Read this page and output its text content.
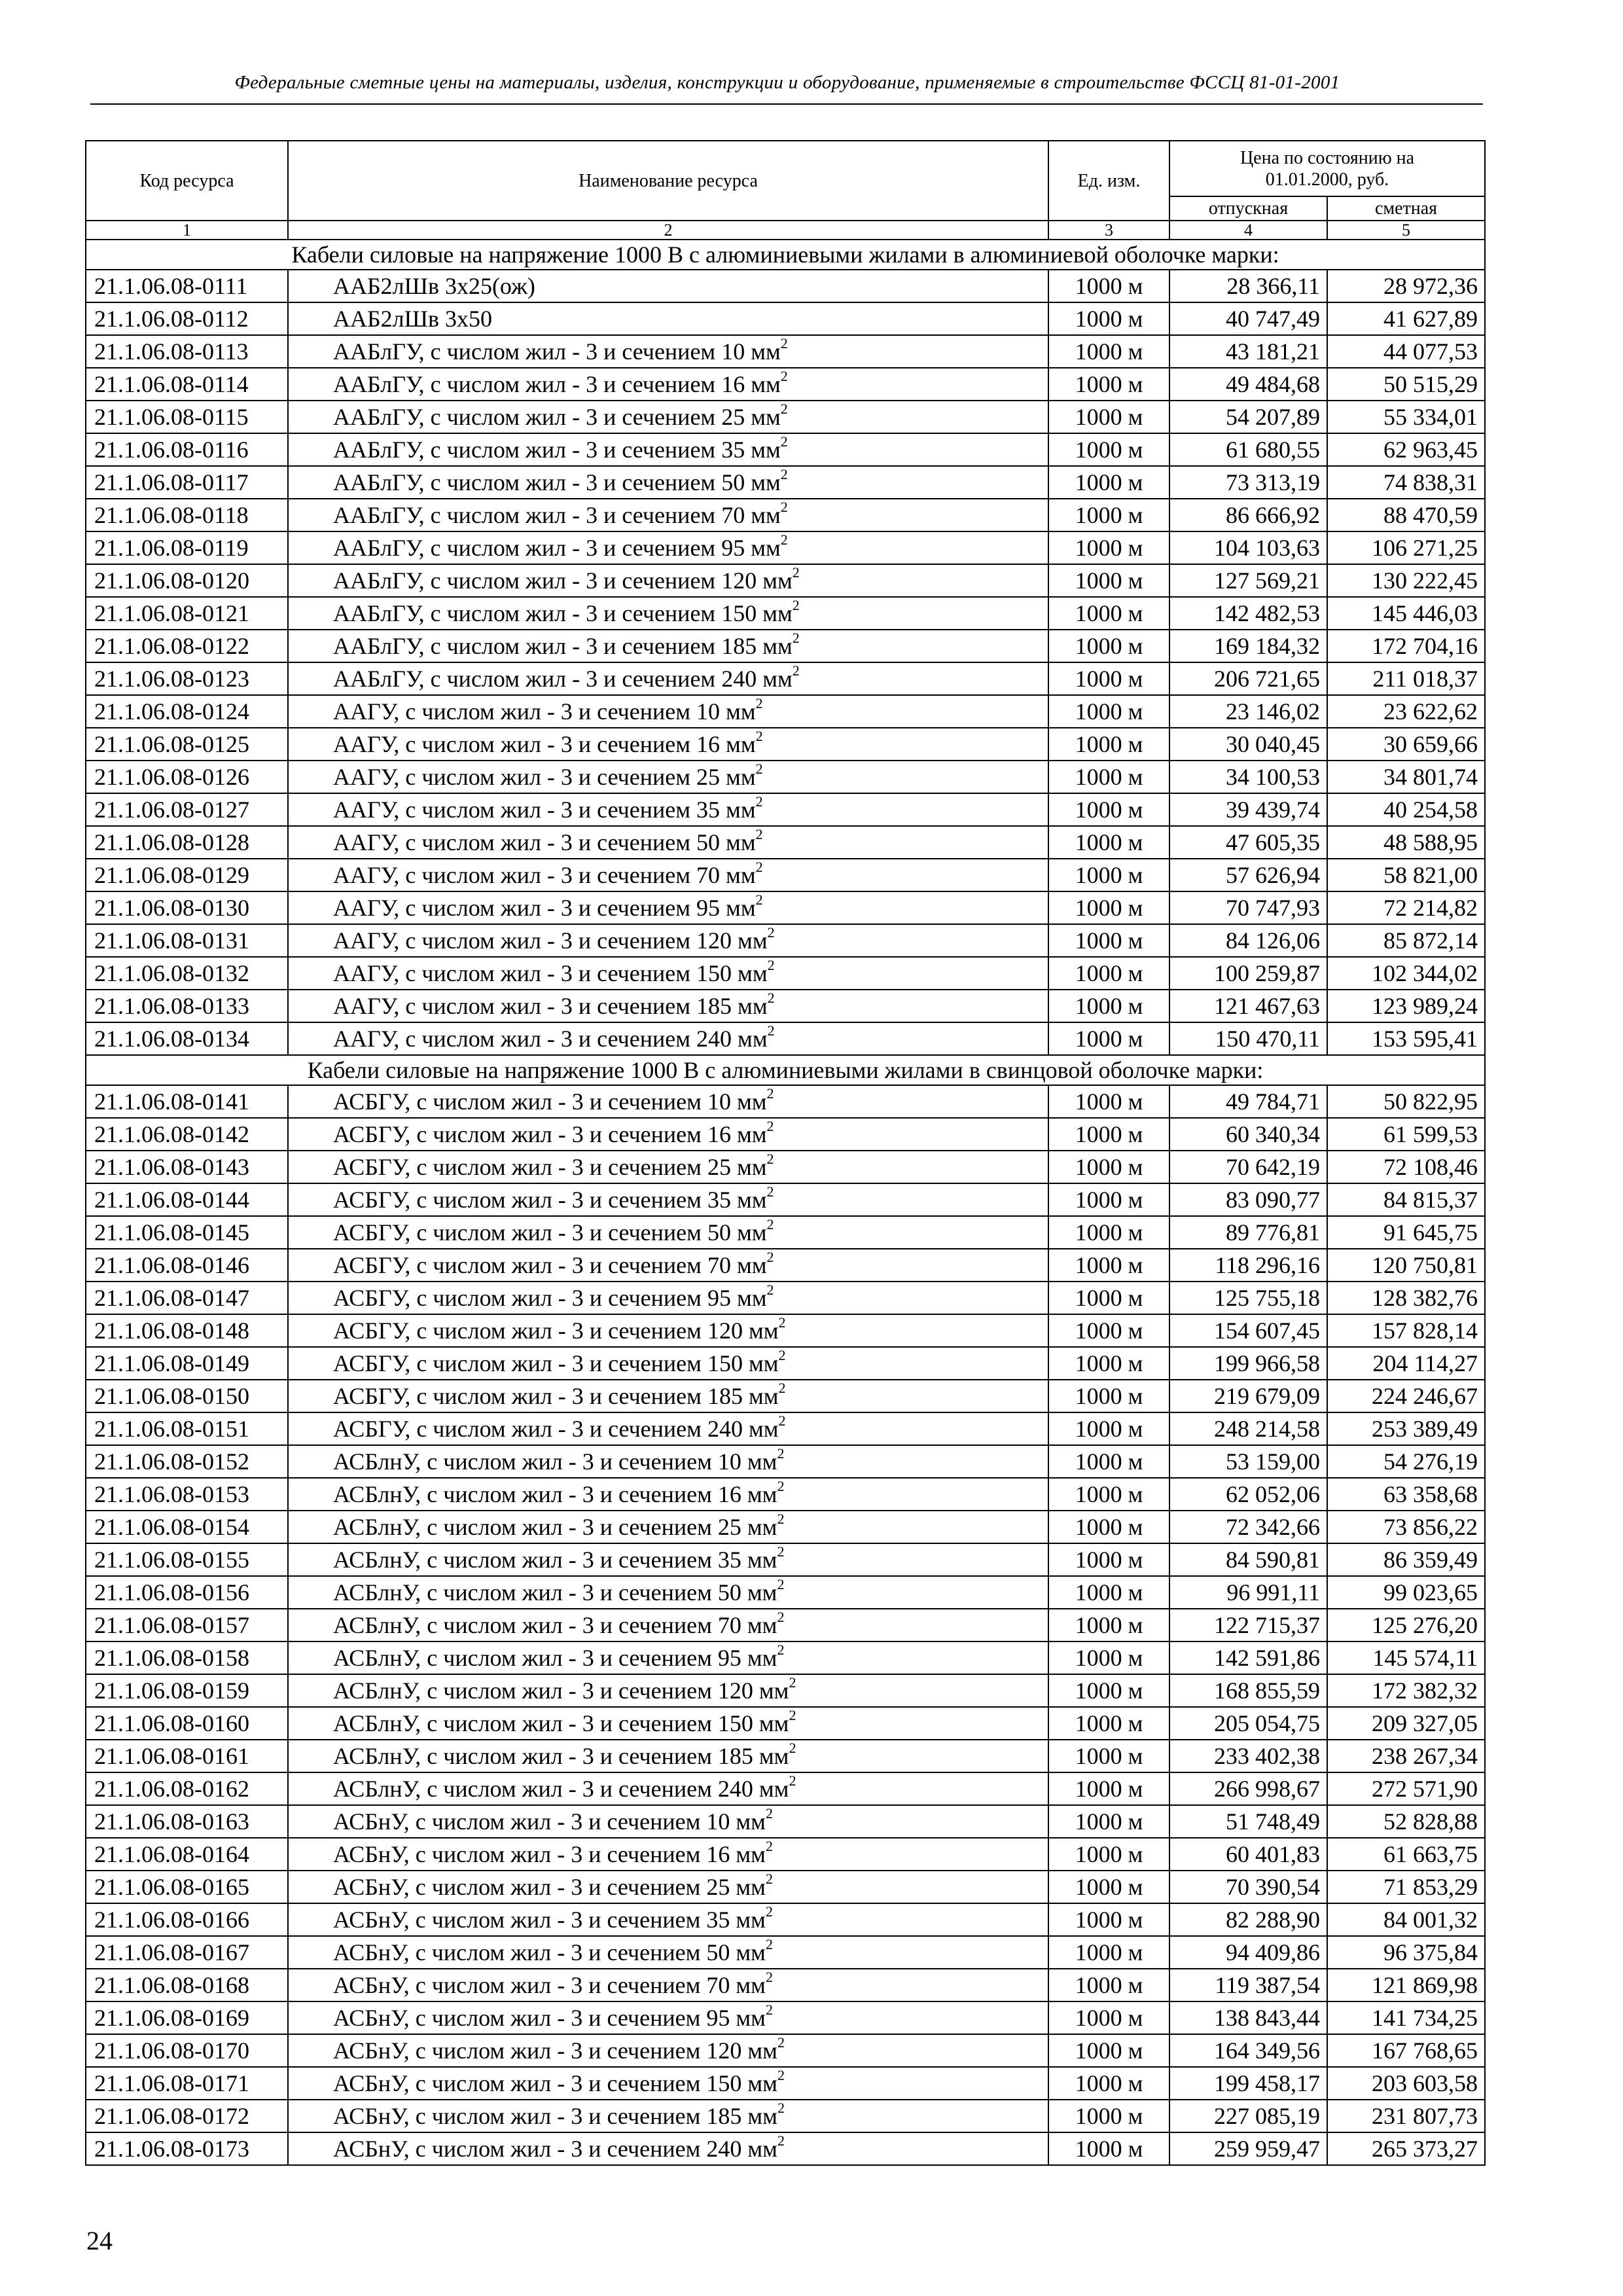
Федеральные сметные цены на материалы, изделия, конструкции и оборудование, применяемые в строительстве ФССЦ 81-01-2001
Код ресурса	Наименование ресурса	Ед. изм.	Цена по состоянию на 01.01.2000, руб.	
			отпускная	сметная
1	2	3	4	5
Кабели силовые на напряжение 1000 В с алюминиевыми жилами в алюминиевой оболочке марки:				
21.1.06.08-0111	ААБ2лШв 3х25(ож)	1000 м	28 366,11	28 972,36
21.1.06.08-0112	ААБ2лШв 3х50	1000 м	40 747,49	41 627,89
21.1.06.08-0113	ААБлГУ, с числом жил - 3 и сечением 10 $мм^2$	1000 м	43 181,21	44 077,53
21.1.06.08-0114	ААБлГУ, с числом жил - 3 и сечением 16 $мм^2$	1000 м	49 484,68	50 515,29
21.1.06.08-0115	ААБлГУ, с числом жил - 3 и сечением 25 $мм^2$	1000 м	54 207,89	55 334,01
21.1.06.08-0116	ААБлГУ, с числом жил - 3 и сечением 35 $мм^2$	1000 м	61 680,55	62 963,45
21.1.06.08-0117	ААБлГУ, с числом жил - 3 и сечением 50 $мм^2$	1000 м	73 313,19	74 838,31
21.1.06.08-0118	ААБлГУ, с числом жил - 3 и сечением 70 $мм^2$	1000 м	86 666,92	88 470,59
21.1.06.08-0119	ААБлГУ, с числом жил - 3 и сечением 95 $мм^2$	1000 м	104 103,63	106 271,25
21.1.06.08-0120	ААБлГУ, с числом жил - 3 и сечением 120 $мм^2$	1000 м	127 569,21	130 222,45
21.1.06.08-0121	ААБлГУ, с числом жил - 3 и сечением 150 $мм^2$	1000 м	142 482,53	145 446,03
21.1.06.08-0122	ААБлГУ, с числом жил - 3 и сечением 185 $мм^2$	1000 м	169 184,32	172 704,16
21.1.06.08-0123	ААБлГУ, с числом жил - 3 и сечением 240 $мм^2$	1000 м	206 721,65	211 018,37
21.1.06.08-0124	ААГУ, с числом жил - 3 и сечением 10 $мм^2$	1000 м	23 146,02	23 622,62
21.1.06.08-0125	ААГУ, с числом жил - 3 и сечением 16 $мм^2$	1000 м	30 040,45	30 659,66
21.1.06.08-0126	ААГУ, с числом жил - 3 и сечением 25 $мм^2$	1000 м	34 100,53	34 801,74
21.1.06.08-0127	ААГУ, с числом жил - 3 и сечением 35 $мм^2$	1000 м	39 439,74	40 254,58
21.1.06.08-0128	ААГУ, с числом жил - 3 и сечением 50 $мм^2$	1000 м	47 605,35	48 588,95
21.1.06.08-0129	ААГУ, с числом жил - 3 и сечением 70 $мм^2$	1000 м	57 626,94	58 821,00
21.1.06.08-0130	ААГУ, с числом жил - 3 и сечением 95 $мм^2$	1000 м	70 747,93	72 214,82
21.1.06.08-0131	ААГУ, с числом жил - 3 и сечением 120 $мм^2$	1000 м	84 126,06	85 872,14
21.1.06.08-0132	ААГУ, с числом жил - 3 и сечением 150 $мм^2$	1000 м	100 259,87	102 344,02
21.1.06.08-0133	ААГУ, с числом жил - 3 и сечением 185 $мм^2$	1000 м	121 467,63	123 989,24
21.1.06.08-0134	ААГУ, с числом жил - 3 и сечением 240 $мм^2$	1000 м	150 470,11	153 595,41
Кабели силовые на напряжение 1000 В с алюминиевыми жилами в свинцовой оболочке марки:				
21.1.06.08-0141	АСБГУ, с числом жил - 3 и сечением 10 $мм^2$	1000 м	49 784,71	50 822,95
21.1.06.08-0142	АСБГУ, с числом жил - 3 и сечением 16 $мм^2$	1000 м	60 340,34	61 599,53
21.1.06.08-0143	АСБГУ, с числом жил - 3 и сечением 25 $мм^2$	1000 м	70 642,19	72 108,46
21.1.06.08-0144	АСБГУ, с числом жил - 3 и сечением 35 $мм^2$	1000 м	83 090,77	84 815,37
21.1.06.08-0145	АСБГУ, с числом жил - 3 и сечением 50 $мм^2$	1000 м	89 776,81	91 645,75
21.1.06.08-0146	АСБГУ, с числом жил - 3 и сечением 70 $мм^2$	1000 м	118 296,16	120 750,81
21.1.06.08-0147	АСБГУ, с числом жил - 3 и сечением 95 $мм^2$	1000 м	125 755,18	128 382,76
21.1.06.08-0148	АСБГУ, с числом жил - 3 и сечением 120 $мм^2$	1000 м	154 607,45	157 828,14
21.1.06.08-0149	АСБГУ, с числом жил - 3 и сечением 150 $мм^2$	1000 м	199 966,58	204 114,27
21.1.06.08-0150	АСБГУ, с числом жил - 3 и сечением 185 $мм^2$	1000 м	219 679,09	224 246,67
21.1.06.08-0151	АСБГУ, с числом жил - 3 и сечением 240 $мм^2$	1000 м	248 214,58	253 389,49
21.1.06.08-0152	АСБлнУ, с числом жил - 3 и сечением 10 $мм^2$	1000 м	53 159,00	54 276,19
21.1.06.08-0153	АСБлнУ, с числом жил - 3 и сечением 16 $мм^2$	1000 м	62 052,06	63 358,68
21.1.06.08-0154	АСБлнУ, с числом жил - 3 и сечением 25 $мм^2$	1000 м	72 342,66	73 856,22
21.1.06.08-0155	АСБлнУ, с числом жил - 3 и сечением 35 $мм^2$	1000 м	84 590,81	86 359,49
21.1.06.08-0156	АСБлнУ, с числом жил - 3 и сечением 50 $мм^2$	1000 м	96 991,11	99 023,65
21.1.06.08-0157	АСБлнУ, с числом жил - 3 и сечением 70 $мм^2$	1000 м	122 715,37	125 276,20
21.1.06.08-0158	АСБлнУ, с числом жил - 3 и сечением 95 $мм^2$	1000 м	142 591,86	145 574,11
21.1.06.08-0159	АСБлнУ, с числом жил - 3 и сечением 120 $мм^2$	1000 м	168 855,59	172 382,32
21.1.06.08-0160	АСБлнУ, с числом жил - 3 и сечением 150 $мм^2$	1000 м	205 054,75	209 327,05
21.1.06.08-0161	АСБлнУ, с числом жил - 3 и сечением 185 $мм^2$	1000 м	233 402,38	238 267,34
21.1.06.08-0162	АСБлнУ, с числом жил - 3 и сечением 240 $мм^2$	1000 м	266 998,67	272 571,90
21.1.06.08-0163	АСБнУ, с числом жил - 3 и сечением 10 $мм^2$	1000 м	51 748,49	52 828,88
21.1.06.08-0164	АСБнУ, с числом жил - 3 и сечением 16 $мм^2$	1000 м	60 401,83	61 663,75
21.1.06.08-0165	АСБнУ, с числом жил - 3 и сечением 25 $мм^2$	1000 м	70 390,54	71 853,29
21.1.06.08-0166	АСБнУ, с числом жил - 3 и сечением 35 $мм^2$	1000 м	82 288,90	84 001,32
21.1.06.08-0167	АСБнУ, с числом жил - 3 и сечением 50 $мм^2$	1000 м	94 409,86	96 375,84
21.1.06.08-0168	АСБнУ, с числом жил - 3 и сечением 70 $мм^2$	1000 м	119 387,54	121 869,98
21.1.06.08-0169	АСБнУ, с числом жил - 3 и сечением 95 $мм^2$	1000 м	138 843,44	141 734,25
21.1.06.08-0170	АСБнУ, с числом жил - 3 и сечением 120 $мм^2$	1000 м	164 349,56	167 768,65
21.1.06.08-0171	АСБнУ, с числом жил - 3 и сечением 150 $мм^2$	1000 м	199 458,17	203 603,58
21.1.06.08-0172	АСБнУ, с числом жил - 3 и сечением 185 $мм^2$	1000 м	227 085,19	231 807,73
21.1.06.08-0173	АСБнУ, с числом жил - 3 и сечением 240 $мм^2$	1000 м	259 959,47	265 373,27
24
